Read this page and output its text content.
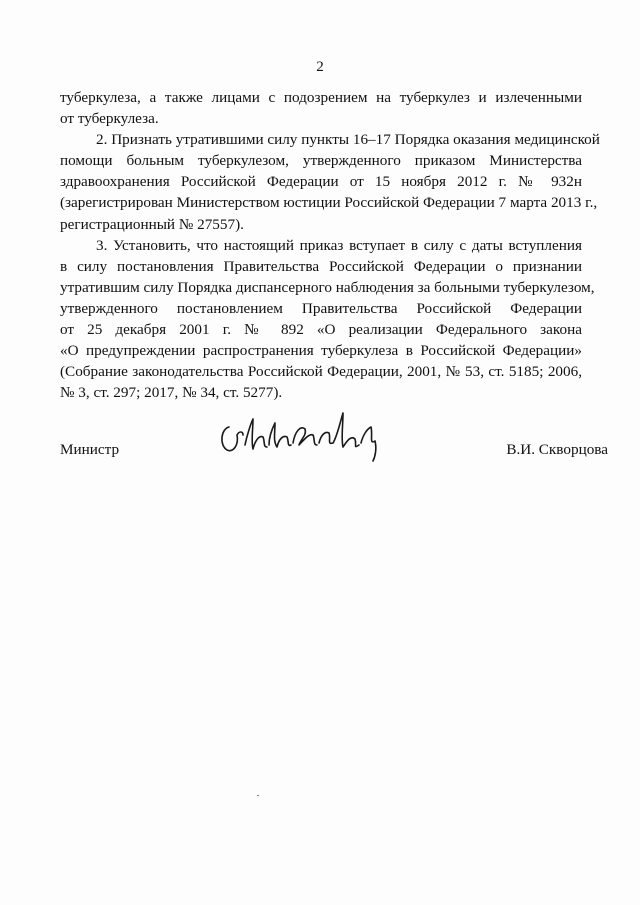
2
туберкулеза, а также лицами с подозрением на туберкулез и излеченными
от туберкулеза.
2. Признать утратившими силу пункты 16–17 Порядка оказания медицинской
помощи больным туберкулезом, утвержденного приказом Министерства
здравоохранения Российской Федерации от 15 ноября 2012 г. № 932н
(зарегистрирован Министерством юстиции Российской Федерации 7 марта 2013 г.,
регистрационный № 27557).
3. Установить, что настоящий приказ вступает в силу с даты вступления
в силу постановления Правительства Российской Федерации о признании
утратившим силу Порядка диспансерного наблюдения за больными туберкулезом,
утвержденного постановлением Правительства Российской Федерации
от 25 декабря 2001 г. № 892 «О реализации Федерального закона
«О предупреждении распространения туберкулеза в Российской Федерации»
(Собрание законодательства Российской Федерации, 2001, № 53, ст. 5185; 2006,
№ 3, ст. 297; 2017, № 34, ст. 5277).
Министр	В.И. Скворцова
